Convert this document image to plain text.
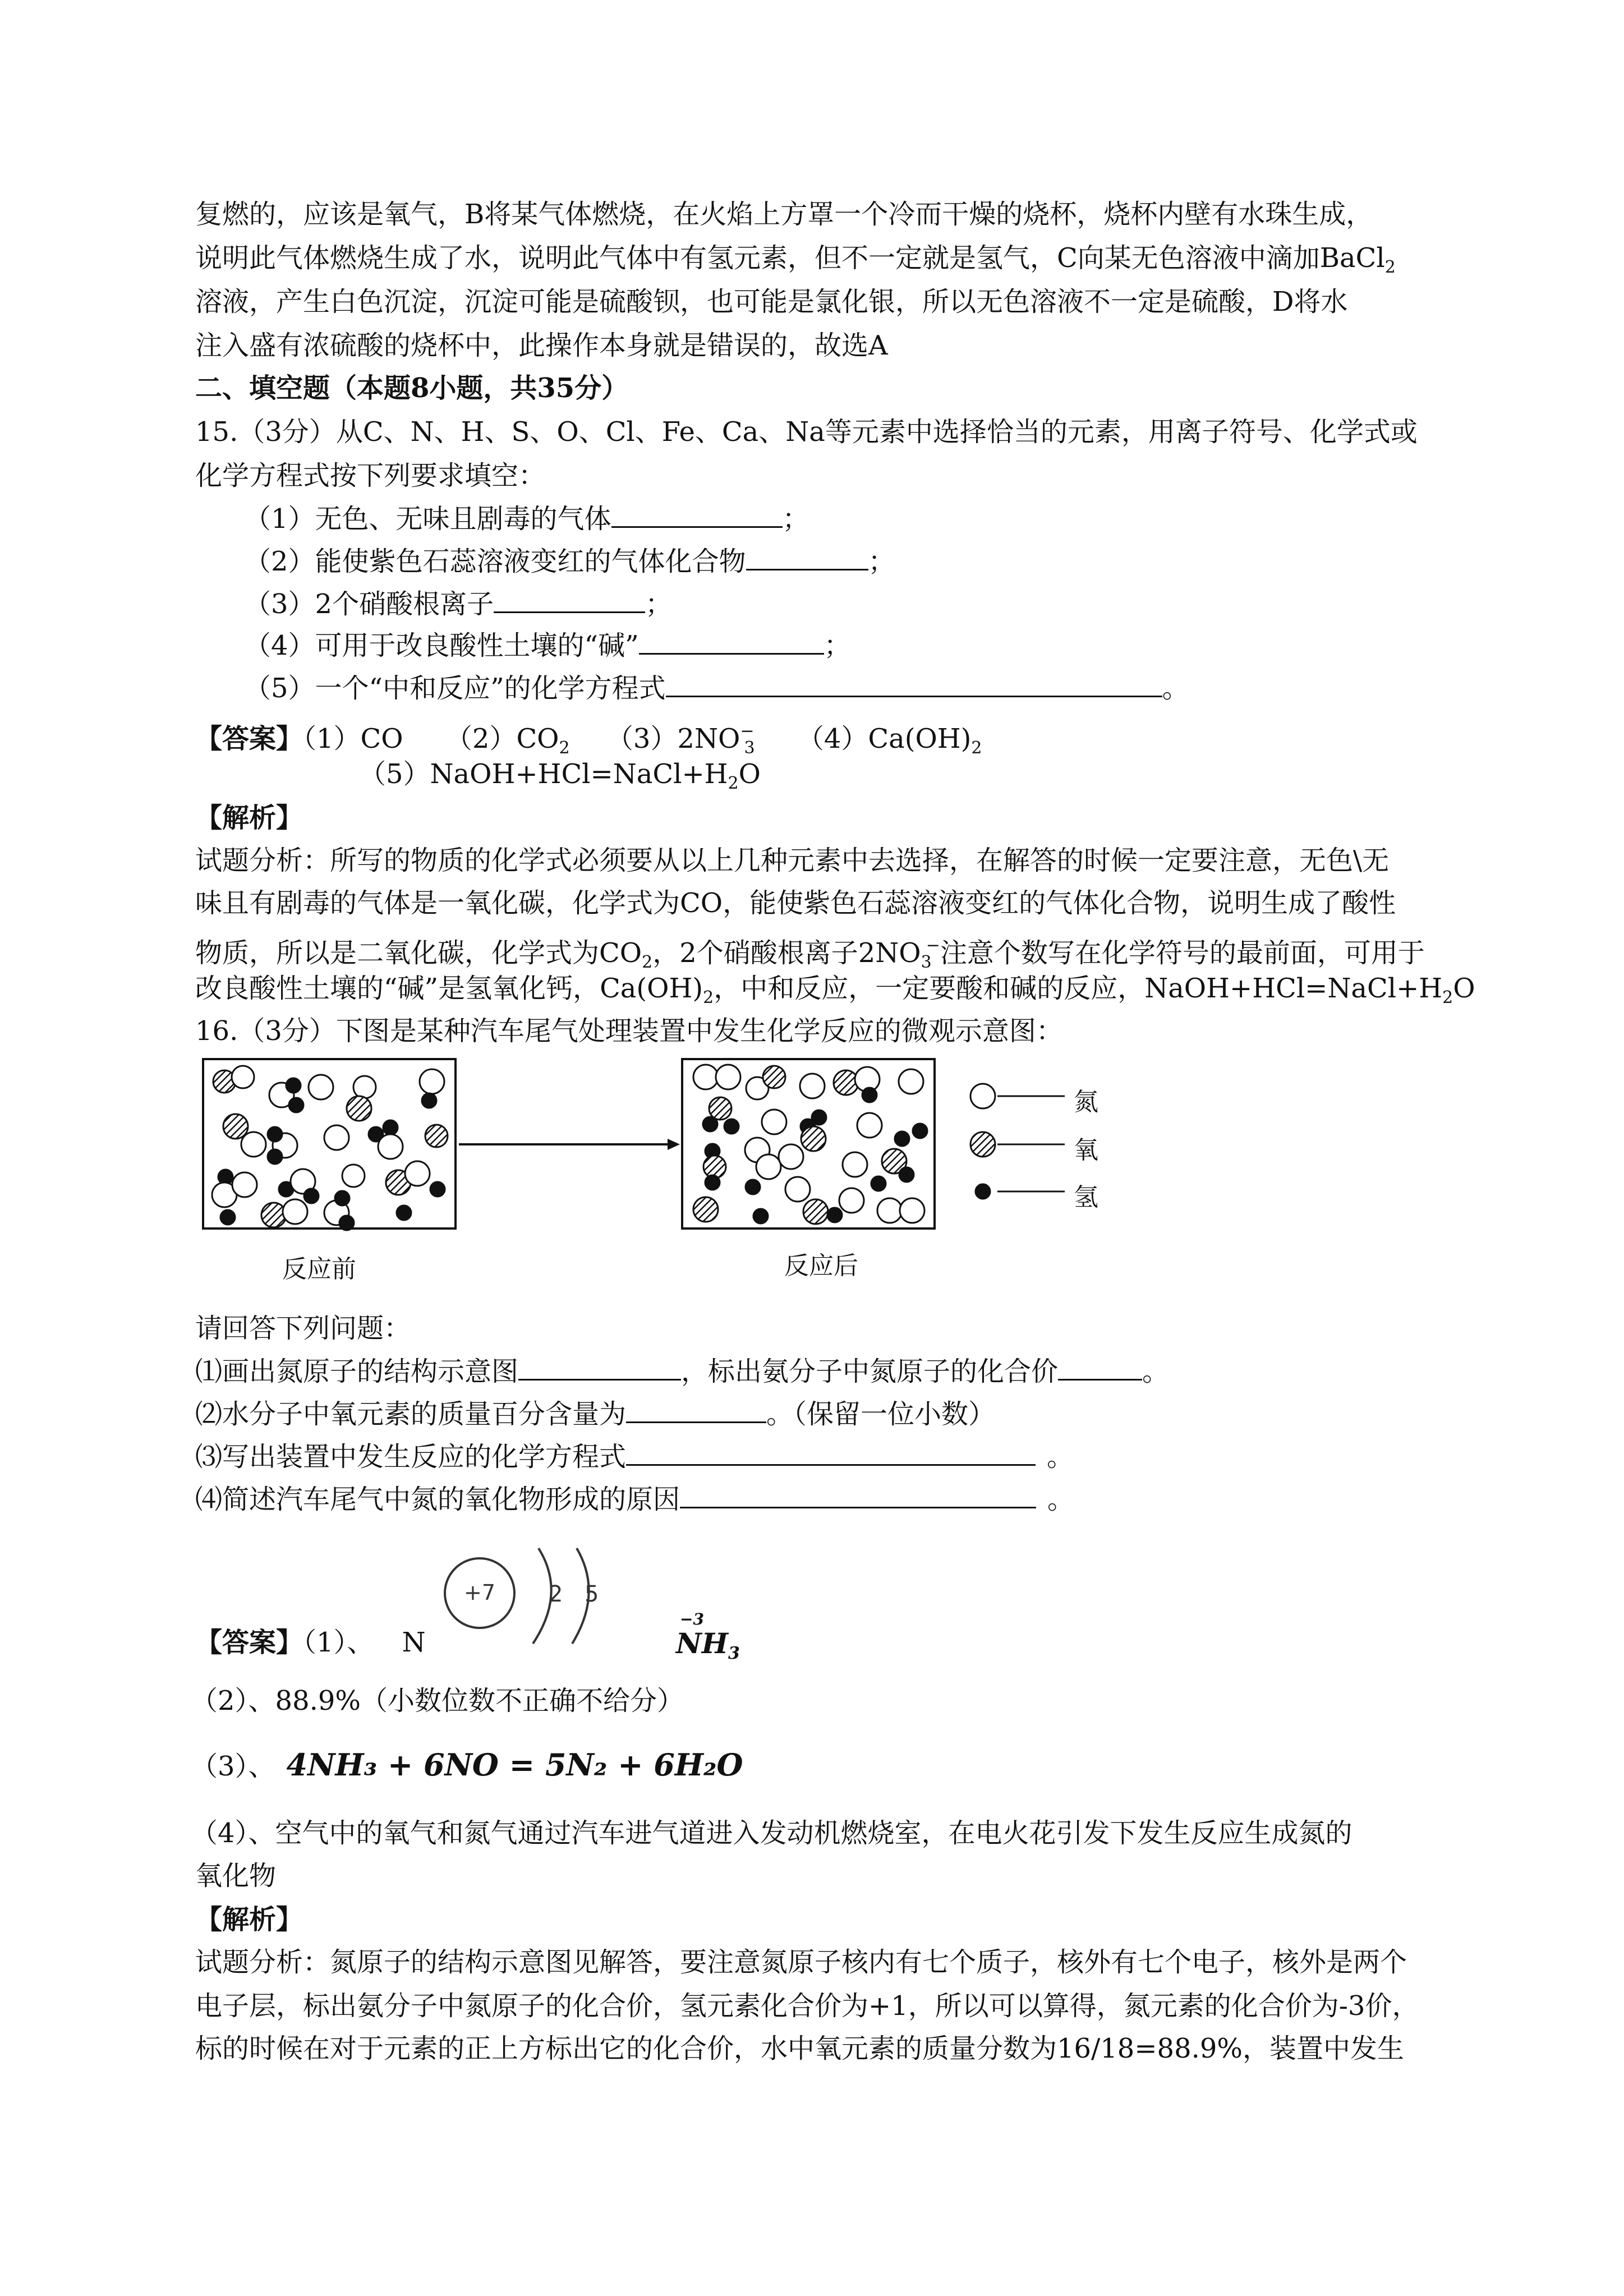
复燃的，应该是氧气，B将某气体燃烧，在火焰上方罩一个冷而干燥的烧杯，烧杯内壁有水珠生成，
说明此气体燃烧生成了水，说明此气体中有氢元素，但不一定就是氢气，C向某无色溶液中滴加BaCl$_2$
溶液，产生白色沉淀，沉淀可能是硫酸钡，也可能是氯化银，所以无色溶液不一定是硫酸，D将水
注入盛有浓硫酸的烧杯中，此操作本身就是错误的，故选A
二、填空题（本题8小题，共35分）
15.（3分）从C、N、H、S、O、Cl、Fe、Ca、Na等元素中选择恰当的元素，用离子符号、化学式或
化学方程式按下列要求填空：
（1）无色、无味且剧毒的气体	；
（2）能使紫色石蕊溶液变红的气体化合物	；
（3）2个硝酸根离子	；
（4）可用于改良酸性土壤的“碱”	；
（5）一个“中和反应”的化学方程式	。
【答案】（1）CO $(2)CO_2$ $(3)2NO^-_3$ $(4)Ca(OH)_2$
$(5)NaOH+HCl=NaCl+H_2O$
【解析】
试题分析：所写的物质的化学式必须要从以上几种元素中去选择，在解答的时候一定要注意，无色\无
味且有剧毒的气体是一氧化碳，化学式为CO，能使紫色石蕊溶液变红的气体化合物，说明生成了酸性
物质，所以是二氧化碳，化学式为$CO_2$，2个硝酸根离子$2NO_3^-$注意个数写在化学符号的最前面，可用于
改良酸性土壤的“碱”是氢氧化钙，$Ca(OH)_2$，中和反应，一定要酸和碱的反应，$NaOH+HCl=NaCl+H_2O$
16.（3分）下图是某种汽车尾气处理装置中发生化学反应的微观示意图：
氮
氧
氢
反应前	反应后
请回答下列问题：
⑴画出氮原子的结构示意图	，标出氨分子中氮原子的化合价	。
⑵水分子中氧元素的质量百分含量为	。（保留一位小数）
⑶写出装置中发生反应的化学方程式	。
⑷简述汽车尾气中氮的氧化物形成的原因	。
【答案】（1）、 N
+7 2 5
−3
$NH_3$
（2）、88.9%（小数位数不正确不给分）
（3）、 4NH₃ + 6NO = 5N₂ + 6H₂O
（4）、空气中的氧气和氮气通过汽车进气道进入发动机燃烧室，在电火花引发下发生反应生成氮的
氧化物
【解析】
试题分析：氮原子的结构示意图见解答，要注意氮原子核内有七个质子，核外有七个电子，核外是两个
电子层，标出氨分子中氮原子的化合价，氢元素化合价为+1，所以可以算得，氮元素的化合价为-3价，
标的时候在对于元素的正上方标出它的化合价，水中氧元素的质量分数为16/18=88.9%，装置中发生
